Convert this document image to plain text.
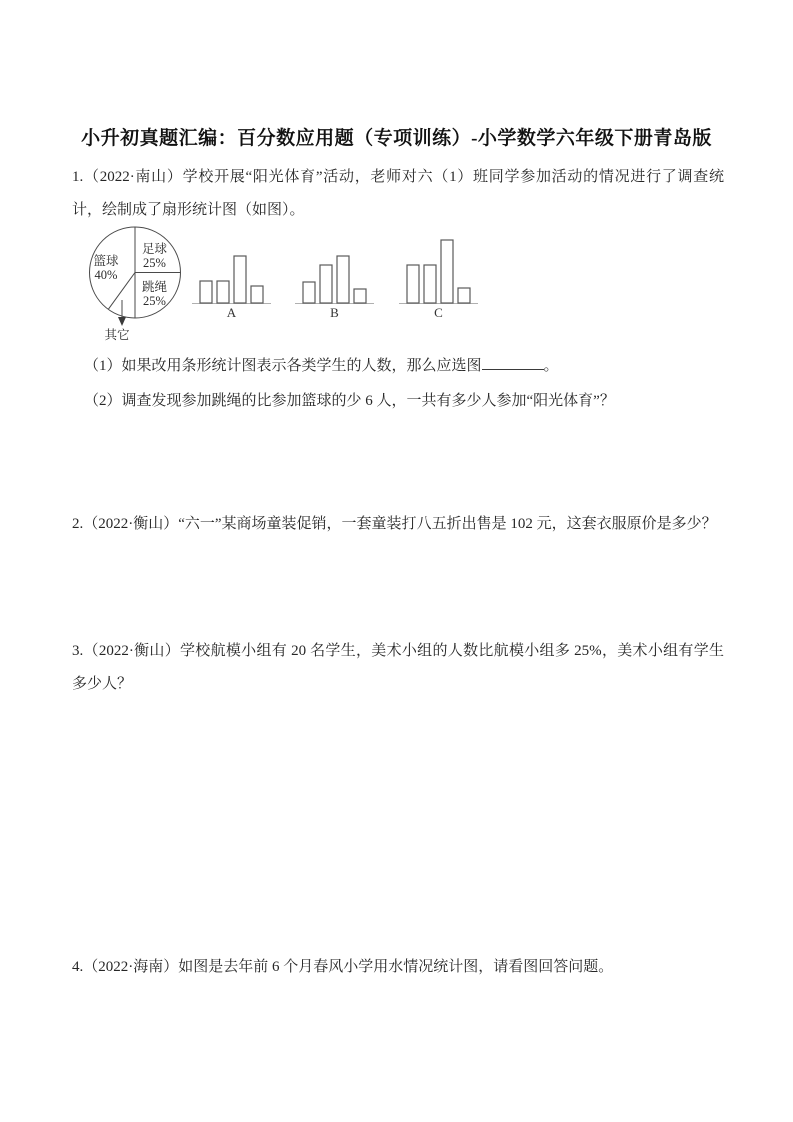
小升初真题汇编：百分数应用题（专项训练）-小学数学六年级下册青岛版
1.（2022·南山）学校开展“阳光体育”活动，老师对六（1）班同学参加活动的情况进行了调查统计，绘制成了扇形统计图（如图）。
足球
25%
篮球
40%
跳绳
25%
其它
A	B	C
（1）如果改用条形统计图表示各类学生的人数，那么应选图	。
（2）调查发现参加跳绳的比参加篮球的少 6 人，一共有多少人参加“阳光体育”？
2.（2022·衡山）“六一”某商场童装促销，一套童装打八五折出售是 102 元，这套衣服原价是多少？
3.（2022·衡山）学校航模小组有 20 名学生，美术小组的人数比航模小组多 25%，美术小组有学生多少人？
4.（2022·海南）如图是去年前 6 个月春风小学用水情况统计图，请看图回答问题。
